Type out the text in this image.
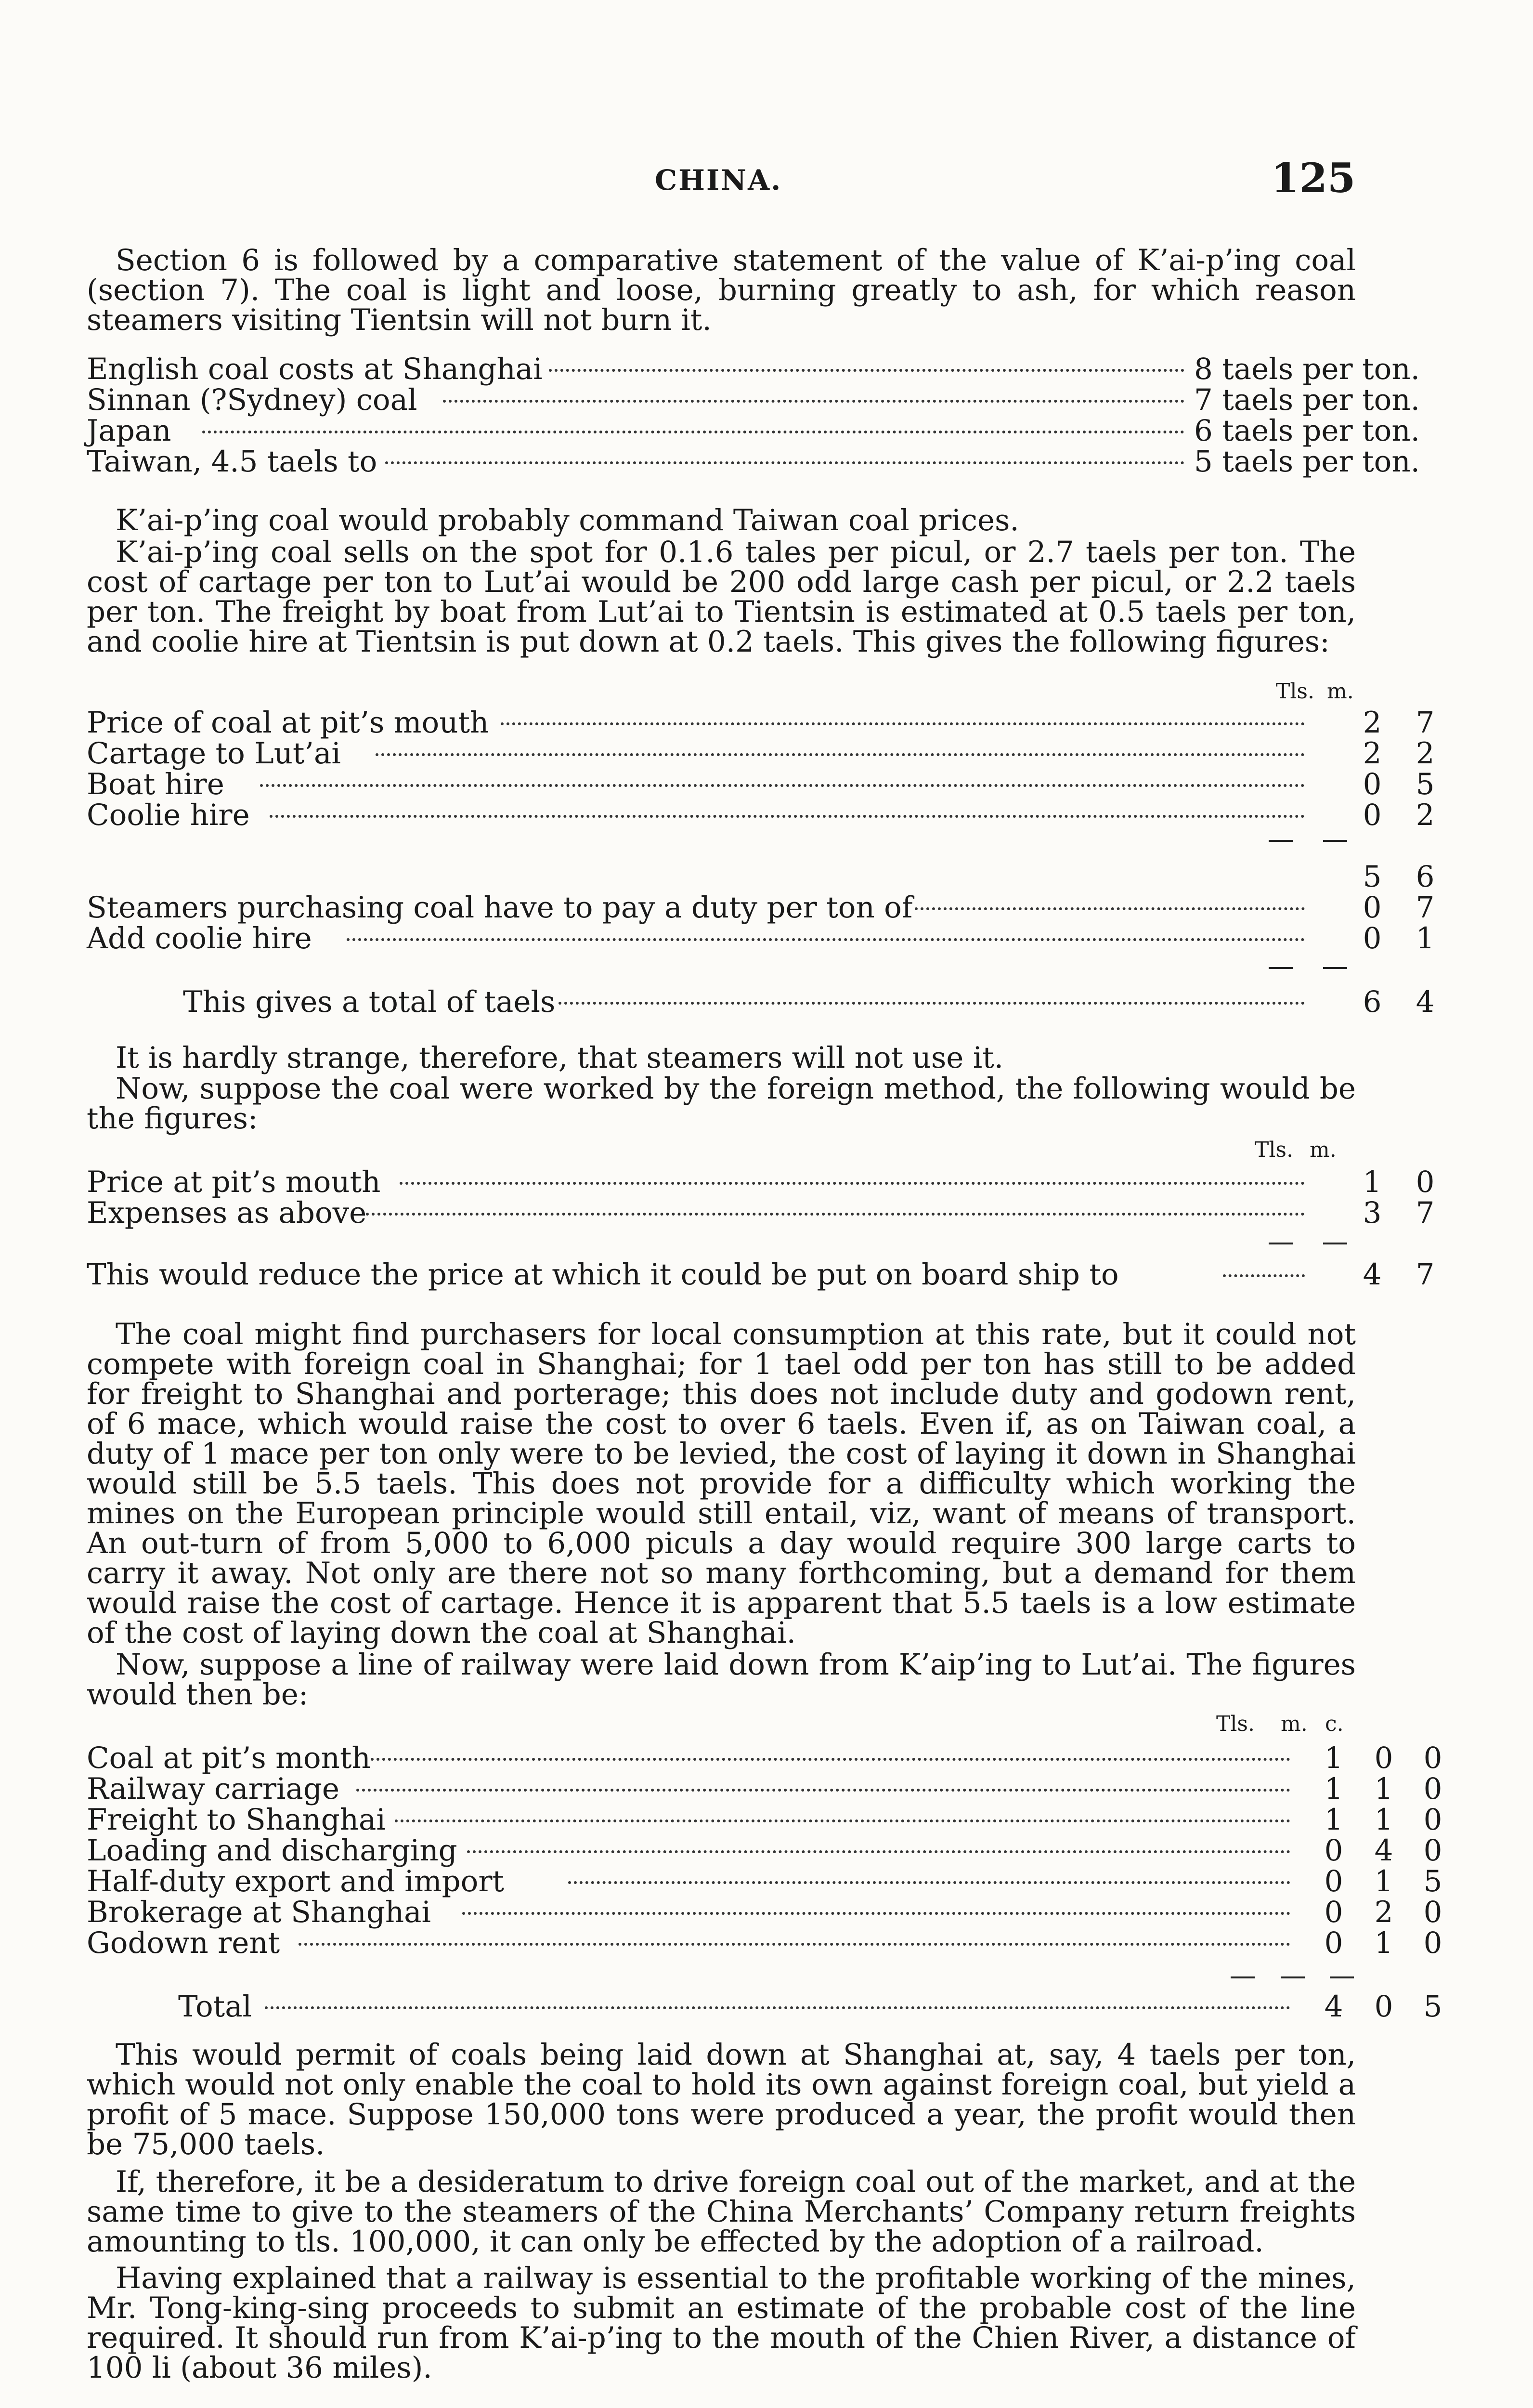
CHINA.	125
Section 6 is followed by a comparative statement of the value of K’ai-p’ing coal (section 7). The coal is light and loose, burning greatly to ash, for which reason steamers visiting Tientsin will not burn it.
English coal costs at Shanghai	8 taels per ton.
Sinnan (?Sydney) coal	7 taels per ton.
Japan	6 taels per ton.
Taiwan, 4.5 taels to	5 taels per ton.
K’ai-p’ing coal would probably command Taiwan coal prices.
K’ai-p’ing coal sells on the spot for 0.1.6 tales per picul, or 2.7 taels per ton. The cost of cartage per ton to Lut’ai would be 200 odd large cash per picul, or 2.2 taels per ton. The freight by boat from Lut’ai to Tientsin is estimated at 0.5 taels per ton, and coolie hire at Tientsin is put down at 0.2 taels. This gives the following figures:
Tls. m.
Price of coal at pit’s mouth	2 7
Cartage to Lut’ai	2 2
Boat hire	0 5
Coolie hire	0 2
5 6
Steamers purchasing coal have to pay a duty per ton of	0 7
Add coolie hire	0 1
This gives a total of taels	6 4
It is hardly strange, therefore, that steamers will not use it.
Now, suppose the coal were worked by the foreign method, the following would be the figures:
Tls. m.
Price at pit’s mouth	1 0
Expenses as above	3 7
This would reduce the price at which it could be put on board ship to	4 7
The coal might find purchasers for local consumption at this rate, but it could not compete with foreign coal in Shanghai; for 1 tael odd per ton has still to be added for freight to Shanghai and porterage; this does not include duty and godown rent, of 6 mace, which would raise the cost to over 6 taels. Even if, as on Taiwan coal, a duty of 1 mace per ton only were to be levied, the cost of laying it down in Shanghai would still be 5.5 taels. This does not provide for a difficulty which working the mines on the European principle would still entail, viz, want of means of transport. An out-turn of from 5,000 to 6,000 piculs a day would require 300 large carts to carry it away. Not only are there not so many forthcoming, but a demand for them would raise the cost of cartage. Hence it is apparent that 5.5 taels is a low estimate of the cost of laying down the coal at Shanghai.
Now, suppose a line of railway were laid down from K’aip’ing to Lut’ai. The figures would then be:
Tls. m. c.
Coal at pit’s month	1 0 0
Railway carriage	1 1 0
Freight to Shanghai	1 1 0
Loading and discharging	0 4 0
Half-duty export and import	0 1 5
Brokerage at Shanghai	0 2 0
Godown rent	0 1 0
Total	4 0 5
This would permit of coals being laid down at Shanghai at, say, 4 taels per ton, which would not only enable the coal to hold its own against foreign coal, but yield a profit of 5 mace. Suppose 150,000 tons were produced a year, the profit would then be 75,000 taels.
If, therefore, it be a desideratum to drive foreign coal out of the market, and at the same time to give to the steamers of the China Merchants’ Company return freights amounting to tls. 100,000, it can only be effected by the adoption of a railroad.
Having explained that a railway is essential to the profitable working of the mines, Mr. Tong-king-sing proceeds to submit an estimate of the probable cost of the line required. It should run from K’ai-p’ing to the mouth of the Chien River, a distance of 100 li (about 36 miles).
